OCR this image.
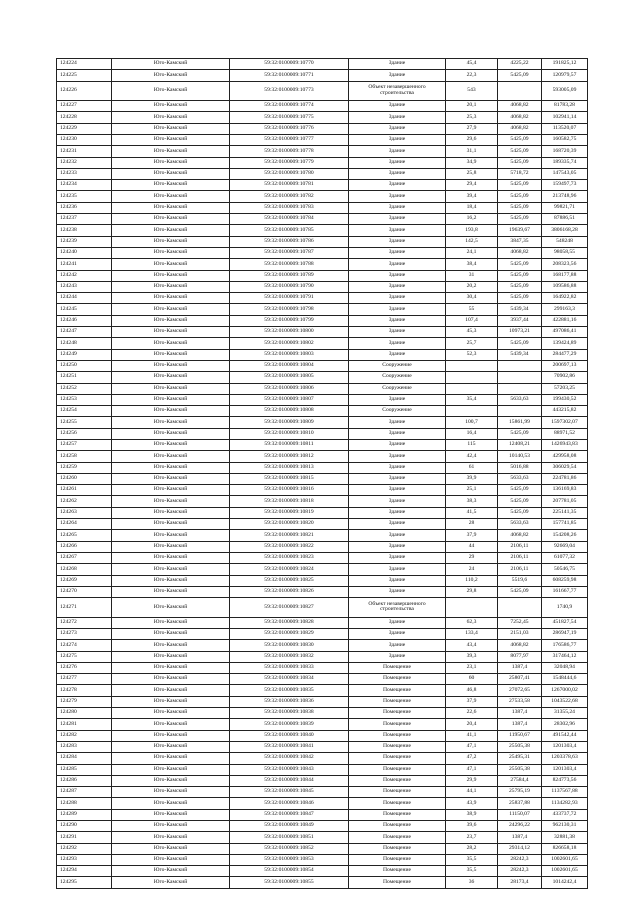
124224	Юго-Камский	59:32:0100009:10770	Здание	45,4	4225,22	191825,12
124225	Юго-Камский	59:32:0100009:10771	Здание	22,3	5425,09	120979,57
124226	Юго-Камский	59:32:0100009:10773	Объект незавершенного строительства	543		593005,09
124227	Юго-Камский	59:32:0100009:10774	Здание	20,1	4068,82	81783,28
124228	Юго-Камский	59:32:0100009:10775	Здание	25,3	4068,82	102941,14
124229	Юго-Камский	59:32:0100009:10776	Здание	27,9	4068,82	113520,07
124230	Юго-Камский	59:32:0100009:10777	Здание	29,6	5425,09	160582,75
124231	Юго-Камский	59:32:0100009:10778	Здание	31,1	5425,09	168720,39
124232	Юго-Камский	59:32:0100009:10779	Здание	34,9	5425,09	189335,74
124233	Юго-Камский	59:32:0100009:10780	Здание	25,8	5718,72	147543,05
124234	Юго-Камский	59:32:0100009:10781	Здание	29,4	5425,09	159497,73
124235	Юго-Камский	59:32:0100009:10782	Здание	39,4	5425,09	213748,96
124236	Юго-Камский	59:32:0100009:10783	Здание	18,4	5425,09	99821,71
124237	Юго-Камский	59:32:0100009:10784	Здание	16,2	5425,09	87886,51
124238	Юго-Камский	59:32:0100009:10785	Здание	193,8	19639,67	3806168,28
124239	Юго-Камский	59:32:0100009:10786	Здание	142,5	3847,35	548248
124240	Юго-Камский	59:32:0100009:10787	Здание	24,1	4068,82	98058,55
124241	Юго-Камский	59:32:0100009:10788	Здание	38,4	5425,09	208323,56
124242	Юго-Камский	59:32:0100009:10789	Здание	31	5425,09	168177,88
124243	Юго-Камский	59:32:0100009:10790	Здание	20,2	5425,09	109586,88
124244	Юго-Камский	59:32:0100009:10791	Здание	30,4	5425,09	164922,82
124245	Юго-Камский	59:32:0100009:10798	Здание	55	5439,34	299163,3
124246	Юго-Камский	59:32:0100009:10799	Здание	107,4	3937,44	422881,16
124247	Юго-Камский	59:32:0100009:10800	Здание	45,3	10973,21	497086,41
124248	Юго-Камский	59:32:0100009:10802	Здание	25,7	5425,09	139424,89
124249	Юго-Камский	59:32:0100009:10803	Здание	52,3	5439,34	284477,29
124250	Юго-Камский	59:32:0100009:10804	Сооружение			200697,13
124251	Юго-Камский	59:32:0100009:10805	Сооружение			70902,86
124252	Юго-Камский	59:32:0100009:10806	Сооружение			57203,25
124253	Юго-Камский	59:32:0100009:10807	Здание	35,4	5633,63	199430,52
124254	Юго-Камский	59:32:0100009:10808	Сооружение			443215,82
124255	Юго-Камский	59:32:0100009:10809	Здание	100,7	15861,99	1597302,07
124256	Юго-Камский	59:32:0100009:10810	Здание	16,4	5425,09	88971,52
124257	Юго-Камский	59:32:0100009:10811	Здание	115	12408,21	1426943,83
124258	Юго-Камский	59:32:0100009:10812	Здание	42,4	10140,53	429958,08
124259	Юго-Камский	59:32:0100009:10813	Здание	61	5016,88	306029,54
124260	Юго-Камский	59:32:0100009:10815	Здание	39,9	5633,63	224781,86
124261	Юго-Камский	59:32:0100009:10816	Здание	25,1	5425,09	136169,83
124262	Юго-Камский	59:32:0100009:10818	Здание	38,3	5425,09	207781,05
124263	Юго-Камский	59:32:0100009:10819	Здание	41,5	5425,09	225141,35
124264	Юго-Камский	59:32:0100009:10820	Здание	28	5633,63	157741,85
124265	Юго-Камский	59:32:0100009:10821	Здание	37,9	4068,82	154208,26
124266	Юго-Камский	59:32:0100009:10822	Здание	44	2106,11	92669,04
124267	Юго-Камский	59:32:0100009:10823	Здание	29	2106,11	61077,32
124268	Юго-Камский	59:32:0100009:10824	Здание	24	2106,11	50546,75
124269	Юго-Камский	59:32:0100009:10825	Здание	110,2	5519,6	608259,98
124270	Юго-Камский	59:32:0100009:10826	Здание	29,8	5425,09	161667,77
124271	Юго-Камский	59:32:0100009:10827	Объект незавершенного строительства			1740,9
124272	Юго-Камский	59:32:0100009:10828	Здание	62,3	7252,45	451827,54
124273	Юго-Камский	59:32:0100009:10829	Здание	133,4	2151,03	286947,19
124274	Юго-Камский	59:32:0100009:10830	Здание	43,4	4068,82	176586,77
124275	Юго-Камский	59:32:0100009:10832	Здание	39,3	8077,97	317464,12
124276	Юго-Камский	59:32:0100009:10833	Помещение	23,1	1387,4	32048,94
124277	Юго-Камский	59:32:0100009:10834	Помещение	60	25807,41	1548444,6
124278	Юго-Камский	59:32:0100009:10835	Помещение	46,8	27072,65	1267000,02
124279	Юго-Камский	59:32:0100009:10836	Помещение	37,9	27533,58	1043522,68
124280	Юго-Камский	59:32:0100009:10838	Помещение	22,6	1387,4	31355,24
124281	Юго-Камский	59:32:0100009:10839	Помещение	20,4	1387,4	28302,96
124282	Юго-Камский	59:32:0100009:10840	Помещение	41,1	11950,67	491542,44
124283	Юго-Камский	59:32:0100009:10841	Помещение	47,1	25505,38	1201303,4
124284	Юго-Камский	59:32:0100009:10842	Помещение	47,2	25495,31	1203378,63
124285	Юго-Камский	59:32:0100009:10843	Помещение	47,1	25505,38	1201303,4
124286	Юго-Камский	59:32:0100009:10844	Помещение	29,9	27584,4	824773,56
124287	Юго-Камский	59:32:0100009:10845	Помещение	44,1	25795,19	1137567,88
124288	Юго-Камский	59:32:0100009:10846	Помещение	43,9	25837,88	1134282,93
124289	Юго-Камский	59:32:0100009:10847	Помещение	38,9	11150,07	433737,72
124290	Юго-Камский	59:32:0100009:10849	Помещение	39,6	24296,22	962130,31
124291	Юго-Камский	59:32:0100009:10851	Помещение	23,7	1387,4	32881,38
124292	Юго-Камский	59:32:0100009:10852	Помещение	28,2	29314,12	826658,18
124293	Юго-Камский	59:32:0100009:10853	Помещение	35,5	28242,3	1002601,65
124294	Юго-Камский	59:32:0100009:10854	Помещение	35,5	28242,3	1002601,65
124295	Юго-Камский	59:32:0100009:10855	Помещение	36	28173,4	1014242,4
